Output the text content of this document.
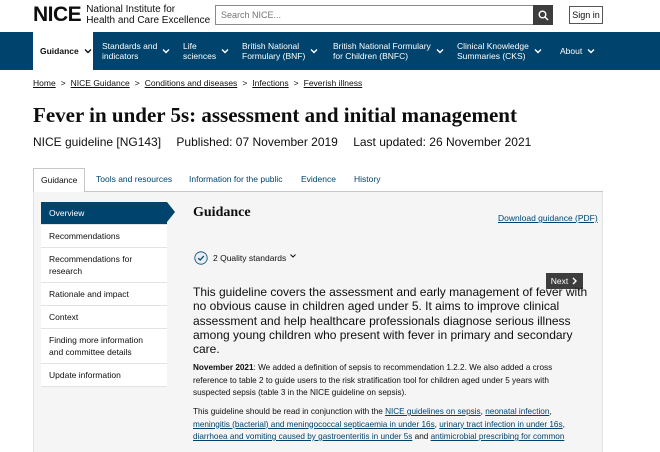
NICE National Institute for
Health and Care Excellence
Search NICE...	Sign in
Guidance	Standards and
indicators
Life
sciences
British National
Formulary (BNF)
British National Formulary
for Children (BNFC)
Clinical Knowledge
Summaries (CKS)	About
Home > NICE Guidance > Conditions and diseases > Infections > Feverish illness
Fever in under 5s: assessment and initial management
NICE guideline [NG143] Published: 07 November 2019 Last updated: 26 November 2021
Guidance	Tools and resources Information for the public Evidence History
Overview
Recommendations
Recommendations for research
Rationale and impact
Context
Finding more information and committee details
Update information
Guidance	Download guidance (PDF)
2 Quality standards
Next

This guideline covers the assessment and early management of fever with no obvious cause in children aged under 5. It aims to improve clinical assessment and help healthcare professionals diagnose serious illness among young children who present with fever in primary and secondary care.

November 2021: We added a definition of sepsis to recommendation 1.2.2. We also added a cross reference to table 2 to guide users to the risk stratification tool for children aged under 5 years with suspected sepsis (table 3 in the NICE guideline on sepsis).

This guideline should be read in conjunction with the NICE guidelines on sepsis, neonatal infection, meningitis (bacterial) and meningococcal septicaemia in under 16s, urinary tract infection in under 16s, diarrhoea and vomiting caused by gastroenteritis in under 5s and antimicrobial prescribing for common
